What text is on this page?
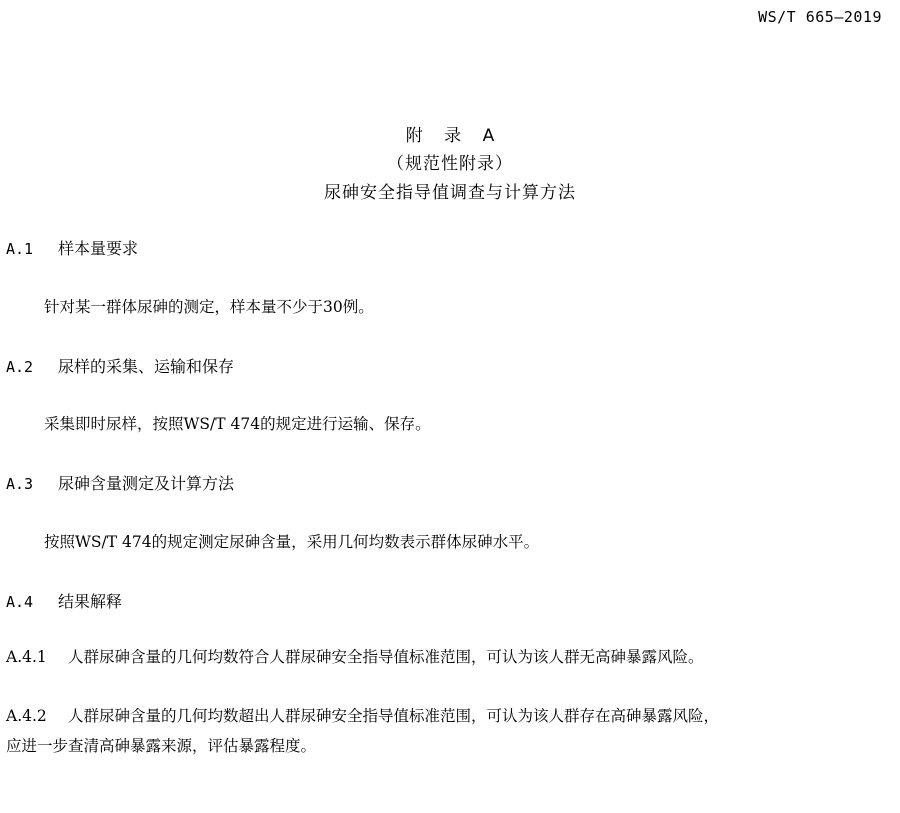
WS/T 665—2019
附 录 A
（规范性附录）
尿砷安全指导值调查与计算方法
A.1 样本量要求
针对某一群体尿砷的测定，样本量不少于30例。
A.2 尿样的采集、运输和保存
采集即时尿样，按照WS/T 474的规定进行运输、保存。
A.3 尿砷含量测定及计算方法
按照WS/T 474的规定测定尿砷含量，采用几何均数表示群体尿砷水平。
A.4 结果解释
A.4.1 人群尿砷含量的几何均数符合人群尿砷安全指导值标准范围，可认为该人群无高砷暴露风险。
A.4.2 人群尿砷含量的几何均数超出人群尿砷安全指导值标准范围，可认为该人群存在高砷暴露风险，
应进一步查清高砷暴露来源，评估暴露程度。
